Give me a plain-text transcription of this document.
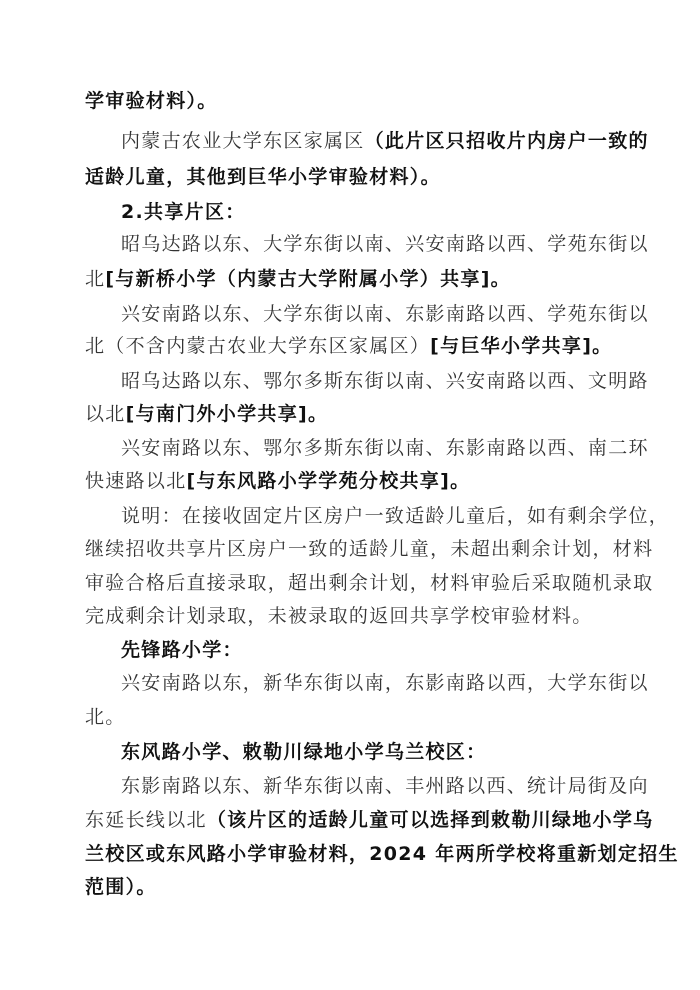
学审验材料）。
内蒙古农业大学东区家属区（此片区只招收片内房户一致的
适龄儿童，其他到巨华小学审验材料）。
2.共享片区：
昭乌达路以东、大学东街以南、兴安南路以西、学苑东街以
北[与新桥小学（内蒙古大学附属小学）共享]。
兴安南路以东、大学东街以南、东影南路以西、学苑东街以
北（不含内蒙古农业大学东区家属区）[与巨华小学共享]。
昭乌达路以东、鄂尔多斯东街以南、兴安南路以西、文明路
以北[与南门外小学共享]。
兴安南路以东、鄂尔多斯东街以南、东影南路以西、南二环
快速路以北[与东风路小学学苑分校共享]。
说明：在接收固定片区房户一致适龄儿童后，如有剩余学位，
继续招收共享片区房户一致的适龄儿童，未超出剩余计划，材料
审验合格后直接录取，超出剩余计划，材料审验后采取随机录取
完成剩余计划录取，未被录取的返回共享学校审验材料。
先锋路小学：
兴安南路以东，新华东街以南，东影南路以西，大学东街以
北。
东风路小学、敕勒川绿地小学乌兰校区：
东影南路以东、新华东街以南、丰州路以西、统计局街及向
东延长线以北（该片区的适龄儿童可以选择到敕勒川绿地小学乌
兰校区或东风路小学审验材料，2024 年两所学校将重新划定招生
范围）。
